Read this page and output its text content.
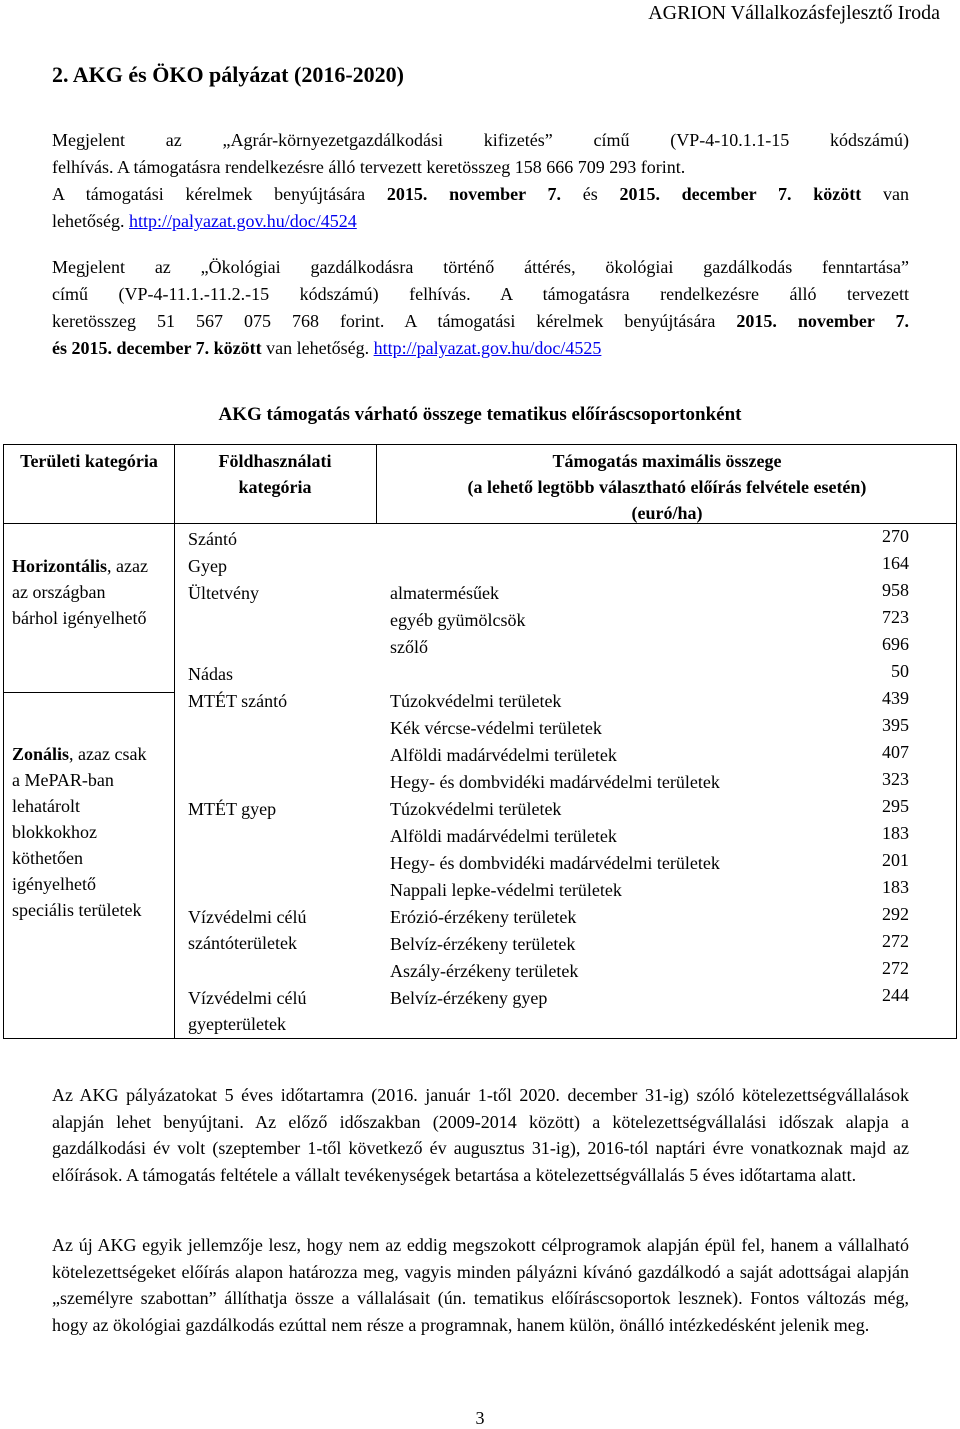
AGRION Vállalkozásfejlesztő Iroda
2. AKG és ÖKO pályázat (2016-2020)
Megjelent az „Agrár-környezetgazdálkodási kifizetés” című (VP-4-10.1.1-15 kódszámú)
felhívás. A támogatásra rendelkezésre álló tervezett keretösszeg 158 666 709 293 forint.
A támogatási kérelmek benyújtására 2015. november 7. és 2015. december 7. között van
lehetőség. http://palyazat.gov.hu/doc/4524
Megjelent az „Ökológiai gazdálkodásra történő áttérés, ökológiai gazdálkodás fenntartása”
című (VP-4-11.1.-11.2.-15 kódszámú) felhívás. A támogatásra rendelkezésre álló tervezett
keretösszeg 51 567 075 768 forint. A támogatási kérelmek benyújtására 2015. november 7.
és 2015. december 7. között van lehetőség. http://palyazat.gov.hu/doc/4525
AKG támogatás várható összege tematikus előíráscsoportonként
Területi kategória	Földhasználati kategória
Támogatás maximális összege
(a lehető legtöbb választható előírás felvétele esetén)
(euró/ha)
Horizontális, azaz az országban bárhol igényelhető
Zonális, azaz csak a MePAR-ban lehatárolt blokkokhoz köthetően igényelhető speciális területek
Szántó
Gyep
Ültetvény
Nádas
MTÉT szántó
MTÉT gyep
Vízvédelmi célú szántóterületek
Vízvédelmi célú gyepterületek
almatermésűek
egyéb gyümölcsök
szőlő
Túzokvédelmi területek
Kék vércse-védelmi területek
Alföldi madárvédelmi területek
Hegy- és dombvidéki madárvédelmi területek
Túzokvédelmi területek
Alföldi madárvédelmi területek
Hegy- és dombvidéki madárvédelmi területek
Nappali lepke-védelmi területek
Erózió-érzékeny területek
Belvíz-érzékeny területek
Aszály-érzékeny területek
Belvíz-érzékeny gyep
270
164
958
723
696
50
439
395
407
323
295
183
201
183
292
272
272
244
Az AKG pályázatokat 5 éves időtartamra (2016. január 1-től 2020. december 31-ig) szóló kötelezettségvállalások alapján lehet benyújtani. Az előző időszakban (2009-2014 között) a kötelezettségvállalási időszak alapja a gazdálkodási év volt (szeptember 1-től következő év augusztus 31-ig), 2016-tól naptári évre vonatkoznak majd az előírások. A támogatás feltétele a vállalt tevékenységek betartása a kötelezettségvállalás 5 éves időtartama alatt.
Az új AKG egyik jellemzője lesz, hogy nem az eddig megszokott célprogramok alapján épül fel, hanem a vállalható kötelezettségeket előírás alapon határozza meg, vagyis minden pályázni kívánó gazdálkodó a saját adottságai alapján „személyre szabottan” állíthatja össze a vállalásait (ún. tematikus előíráscsoportok lesznek). Fontos változás még, hogy az ökológiai gazdálkodás ezúttal nem része a programnak, hanem külön, önálló intézkedésként jelenik meg.
3
